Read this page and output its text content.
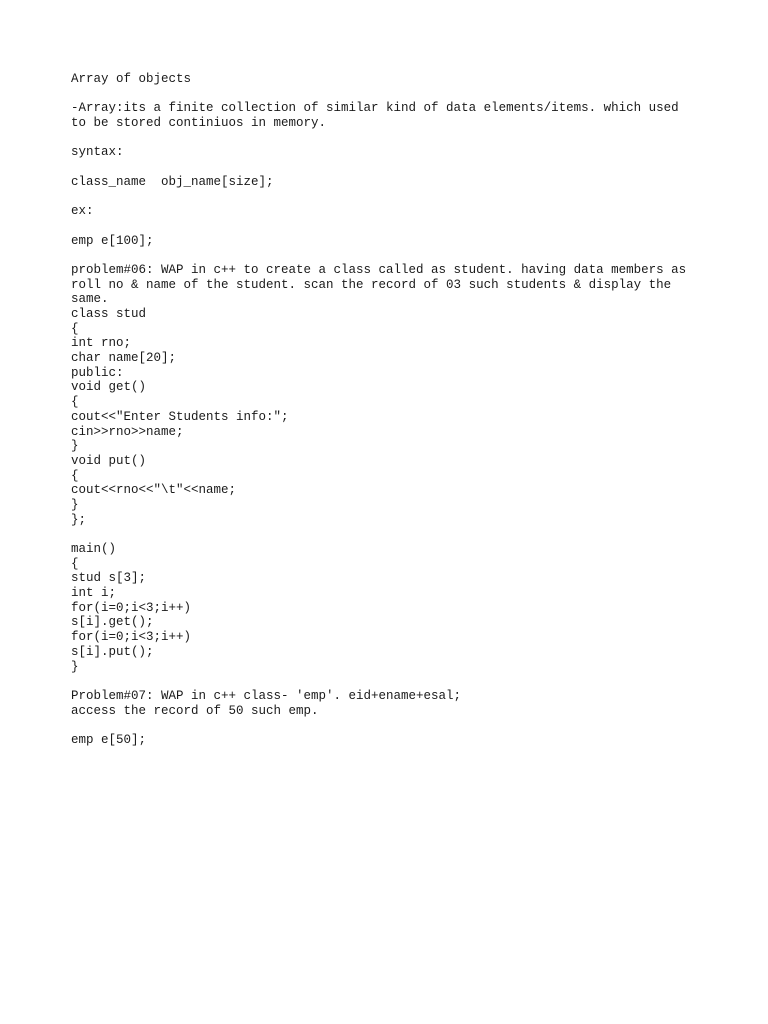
Array of objects
-Array:its a finite collection of similar kind of data elements/items. which used
to be stored continiuos in memory.
syntax:
class_name  obj_name[size];
ex:
emp e[100];
problem#06: WAP in c++ to create a class called as student. having data members as
roll no & name of the student. scan the record of 03 such students & display the
same.
class stud
{
int rno;
char name[20];
public:
void get()
{
cout<<"Enter Students info:";
cin>>rno>>name;
}
void put()
{
cout<<rno<<"\t"<<name;
}
};
main()
{
stud s[3];
int i;
for(i=0;i<3;i++)
s[i].get();
for(i=0;i<3;i++)
s[i].put();
}
Problem#07: WAP in c++ class- 'emp'. eid+ename+esal;
access the record of 50 such emp.
emp e[50];
